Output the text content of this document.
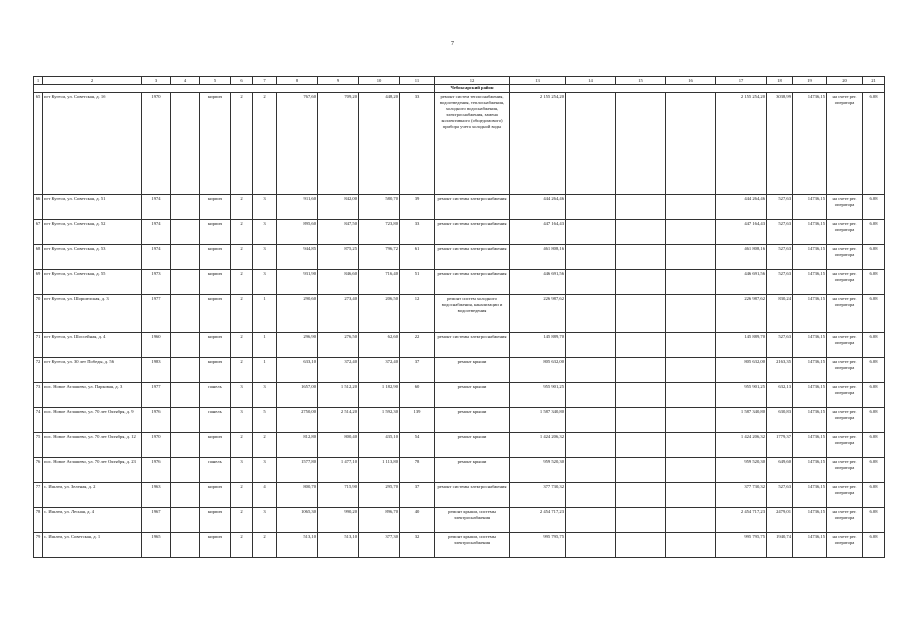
7
1	2	3	4	5	6	7	8	9	10	11	12	13	14	15	16	17	18	19	20	21
											Чебоксарский район									
65	пгт Кугеси, ул. Советская, д. 1б	1970		кирпич	2	2	767,60	709,20	448,20	33	ремонт систем теплоснабжения, водоотведения, теплоснабжения, холодного водоснабжения, электроснабжения, замена коллективного (общедомового) прибора учета холодной воды	2 155 254,20				2 155 254,20	3038,99	14736,15	на счете рег. оператора	6.08
66	пгт Кугеси, ул. Советская, д. 51	1974		кирпич	2	3	911,60	842,00	580,70	39	ремонт системы электроснабжения	444 264,46				444 264,46	527,63	14736,15	на счете рег. оператора	6.08
67	пгт Кугеси, ул. Советская, д. 52	1974		кирпич	2	3	895,60	847,50	723,80	33	ремонт системы электроснабжения	447 164,43				447 164,43	527,63	14736,15	на счете рег. оператора	6.08
68	пгт Кугеси, ул. Советская, д. 53	1974		кирпич	2	3	944,85	875,25	796,72	61	ремонт системы электроснабжения	461 808,16				461 808,16	527,63	14736,15	на счете рег. оператора	6.08
69	пгт Кугеси, ул. Советская, д. 55	1973		кирпич	2	3	931,90	846,60	716,40	51	ремонт системы электроснабжения	446 691,56				446 691,56	527,63	14736,15	на счете рег. оператора	6.08
70	пгт Кугеси, ул. Шоршелская, д. 3	1977		кирпич	2	1	290,60	273,40	206,50	12	ремонт систем холодного водоснабжения, канализации и водоотведения	226 987,62				226 987,62	830,24	14736,15	на счете рег. оператора	6.08
71	пгт Кугеси, ул. Шоссейная, д. 4	1960		кирпич	2	1	296,90	276,50	62,60	22	ремонт системы электроснабжения	145 889,70				145 889,70	527,63	14736,15	на счете рег. оператора	6.08
72	пгт Кугеси, ул. 30 лет Победы, д. 56	1983		кирпич	2	1	633,10	372,40	372,40	37	ремонт крыши	805 632,00				805 632,00	2163,35	14736,15	на счете рег. оператора	6.08
73	пос. Новое Атлашево, ул. Парковая, д. 3	1977		панель	3	3	1657,00	1 512,20	1 182,90	60	ремонт крыши	955 901,25				955 901,25	632,13	14736,15	на счете рег. оператора	6.08
74	пос. Новое Атлашево, ул. 70 лет Октября, д. 9	1976		панель	3	5	2750,00	2 514,20	1 592,30	139	ремонт крыши	1 587 340,80				1 587 340,80	630,83	14736,15	на счете рег. оператора	6.08
75	пос. Новое Атлашево, ул. 70 лет Октября, д. 12	1970		кирпич	2	2	812,80	800,40	435,10	54	ремонт крыши	1 424 206,32				1 424 206,32	1779,37	14736,15	на счете рег. оператора	6.08
76	пос. Новое Атлашево, ул. 70 лет Октября, д. 23	1976		панель	3	3	1577,80	1 477,10	1 113,80	78	ремонт крыши	959 520,30				959 520,30	649,60	14736,15	на счете рег. оператора	6.08
77	с. Ишлеи, ул. Зеленая, д. 2	1963		кирпич	2	4	800,70	715,90	295,70	37	ремонт системы электроснабжения	377 730,32				377 730,32	527,63	14736,15	на счете рег. оператора	6.08
78	с. Ишлеи, ул. Лесная, д. 4	1967		кирпич	2	3	1065,30	990,20	896,70	40	ремонт крыши, системы электроснабжения	2 454 717,23				2 454 717,23	2479,01	14736,15	на счете рег. оператора	6.08
79	с. Ишлеи, ул. Советская, д. 1	1965		кирпич	2	2	513,10	513,10	377,30	32	ремонт крыши, системы электроснабжения	995 795,75				995 795,75	1940,74	14736,15	на счете рег. оператора	6.08
